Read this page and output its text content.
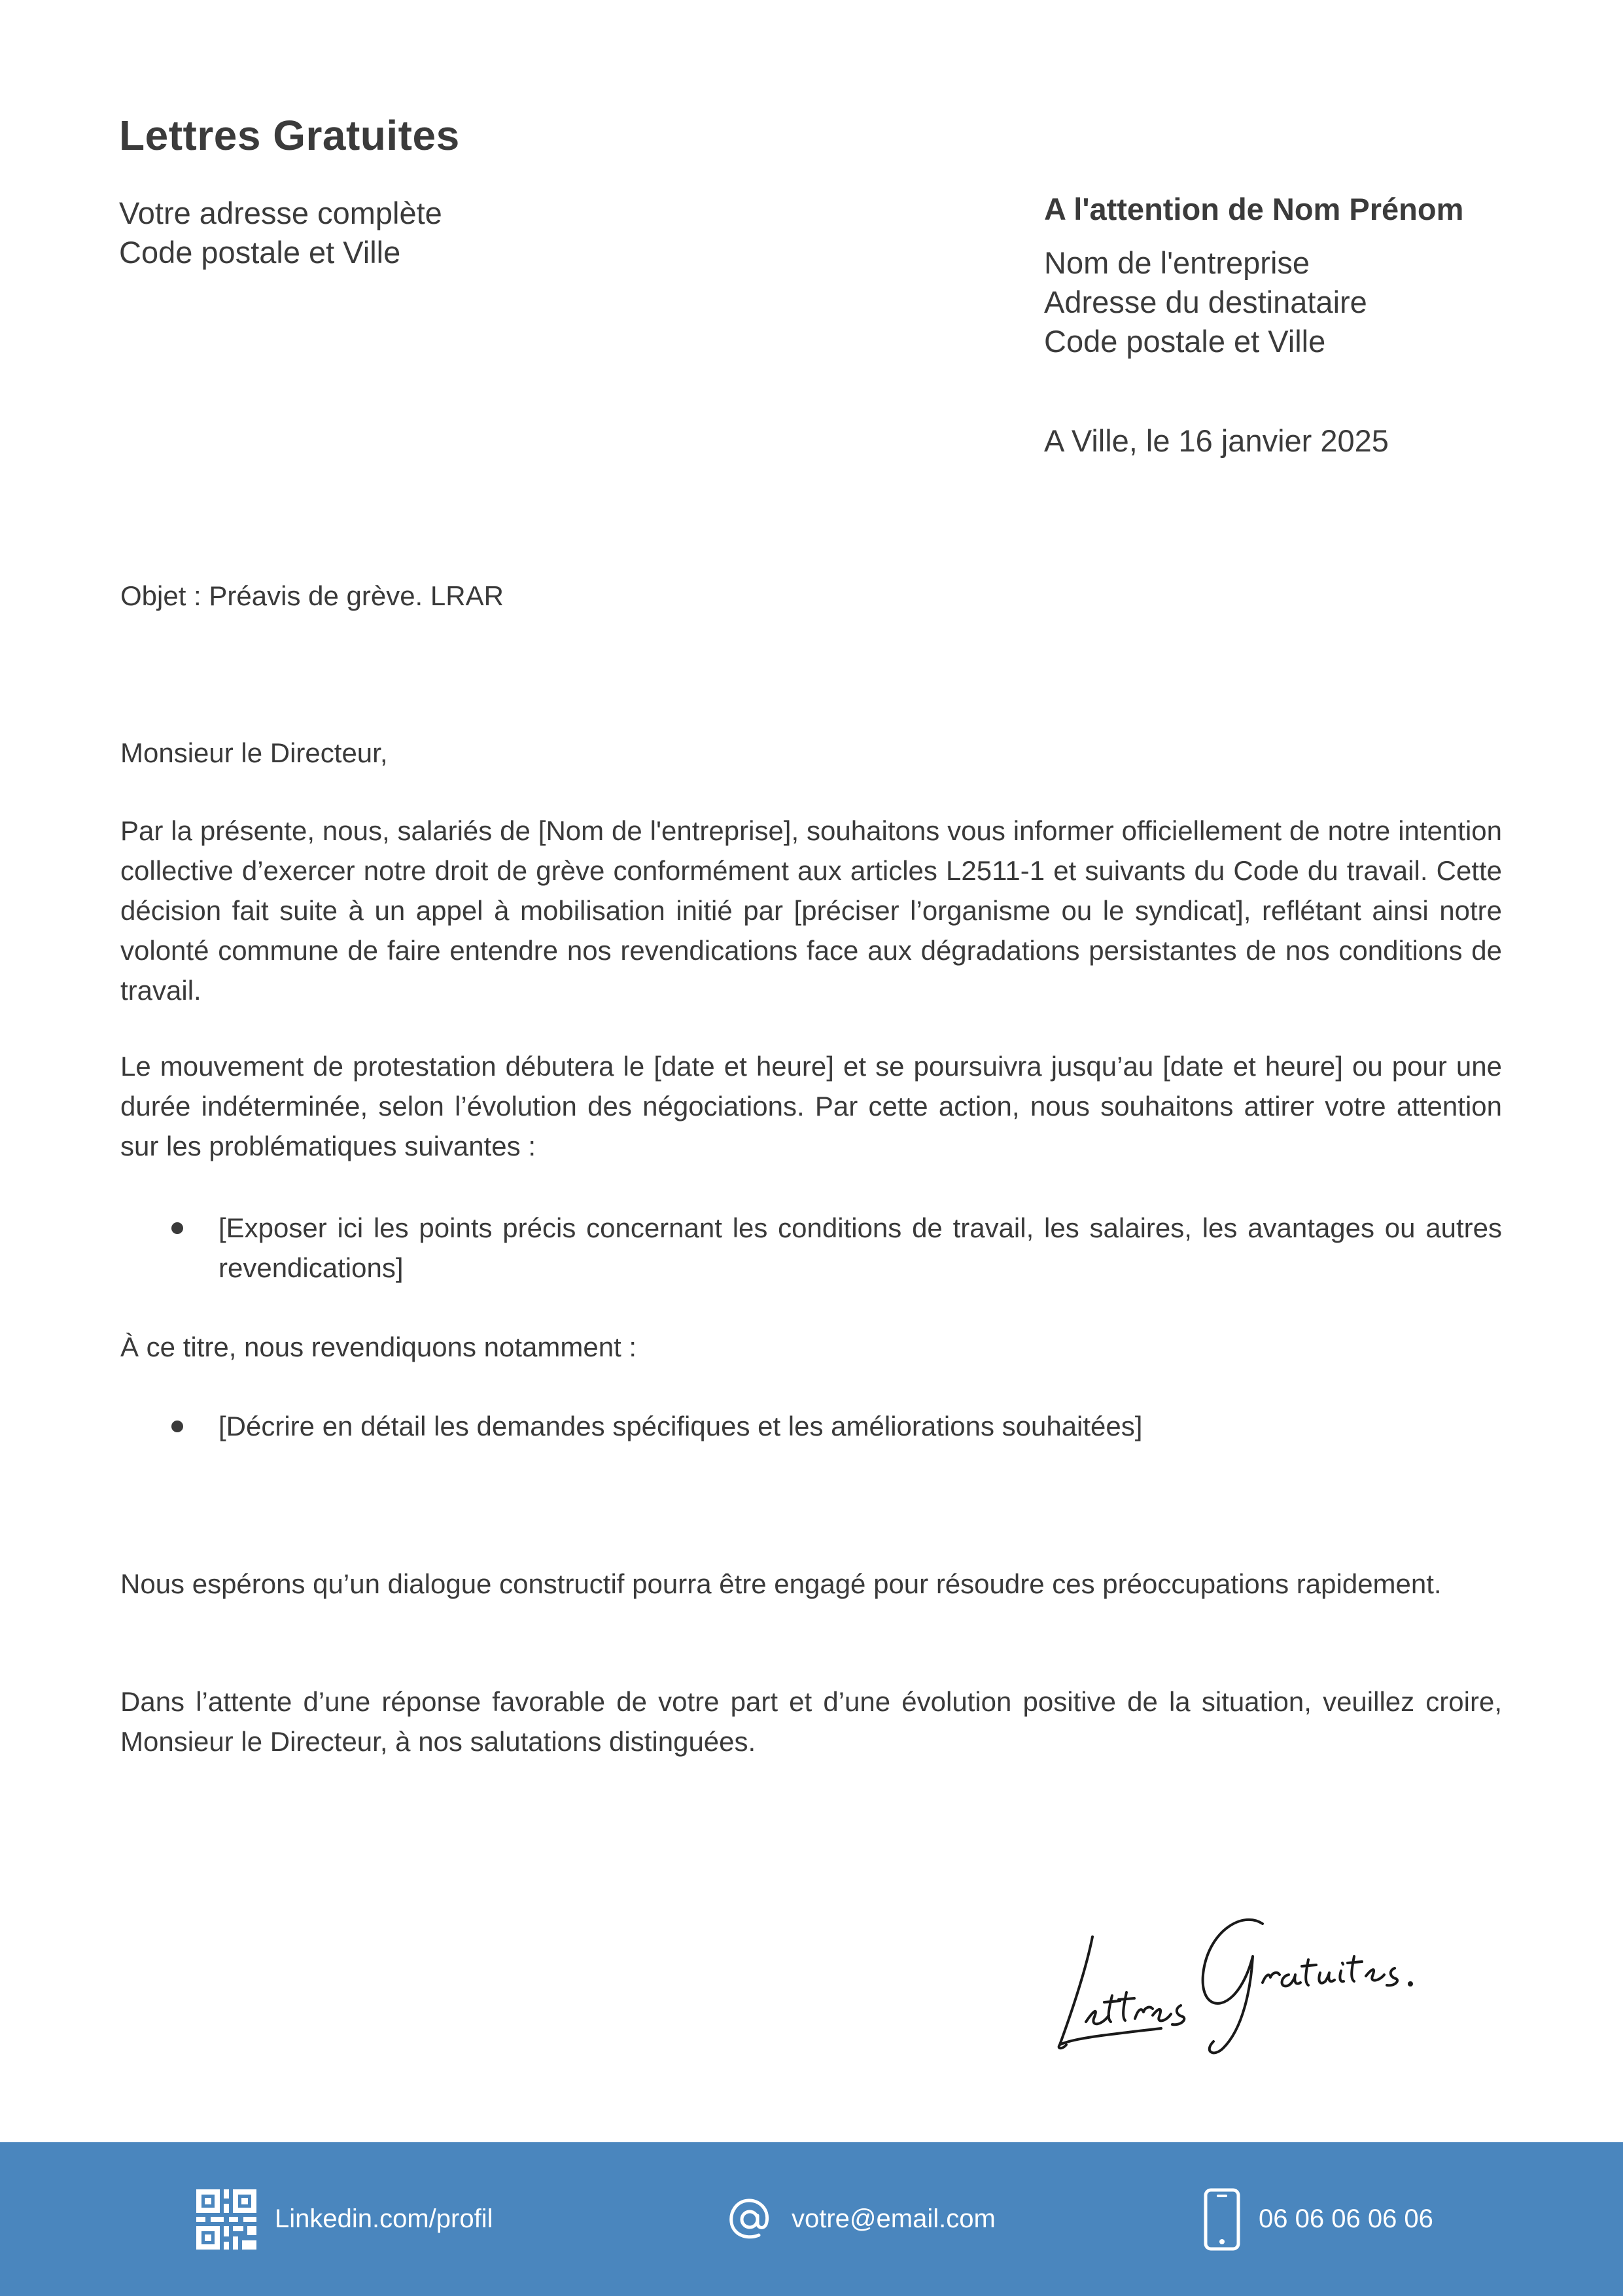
Lettres Gratuites
Votre adresse complète
Code postale et Ville
A l'attention de Nom Prénom
Nom de l'entreprise
Adresse du destinataire
Code postale et Ville
A Ville, le 16 janvier 2025
Objet : Préavis de grève. LRAR
Monsieur le Directeur,
Par la présente, nous, salariés de [Nom de l'entreprise], souhaitons vous informer officiellement de notre intention collective d’exercer notre droit de grève conformément aux articles L2511-1 et suivants du Code du travail. Cette décision fait suite à un appel à mobilisation initié par [préciser l’organisme ou le syndicat], reflétant ainsi notre volonté commune de faire entendre nos revendications face aux dégradations persistantes de nos conditions de travail.
Le mouvement de protestation débutera le [date et heure] et se poursuivra jusqu’au [date et heure] ou pour une durée indéterminée, selon l’évolution des négociations. Par cette action, nous souhaitons attirer votre attention sur les problématiques suivantes :
[Exposer ici les points précis concernant les conditions de travail, les salaires, les avantages ou autres revendications]
À ce titre, nous revendiquons notamment :
[Décrire en détail les demandes spécifiques et les améliorations souhaitées]
Nous espérons qu’un dialogue constructif pourra être engagé pour résoudre ces préoccupations rapidement.
Dans l’attente d’une réponse favorable de votre part et d’une évolution positive de la situation, veuillez croire, Monsieur le Directeur, à nos salutations distinguées.
Linkedin.com/profil	votre@email.com	06 06 06 06 06
